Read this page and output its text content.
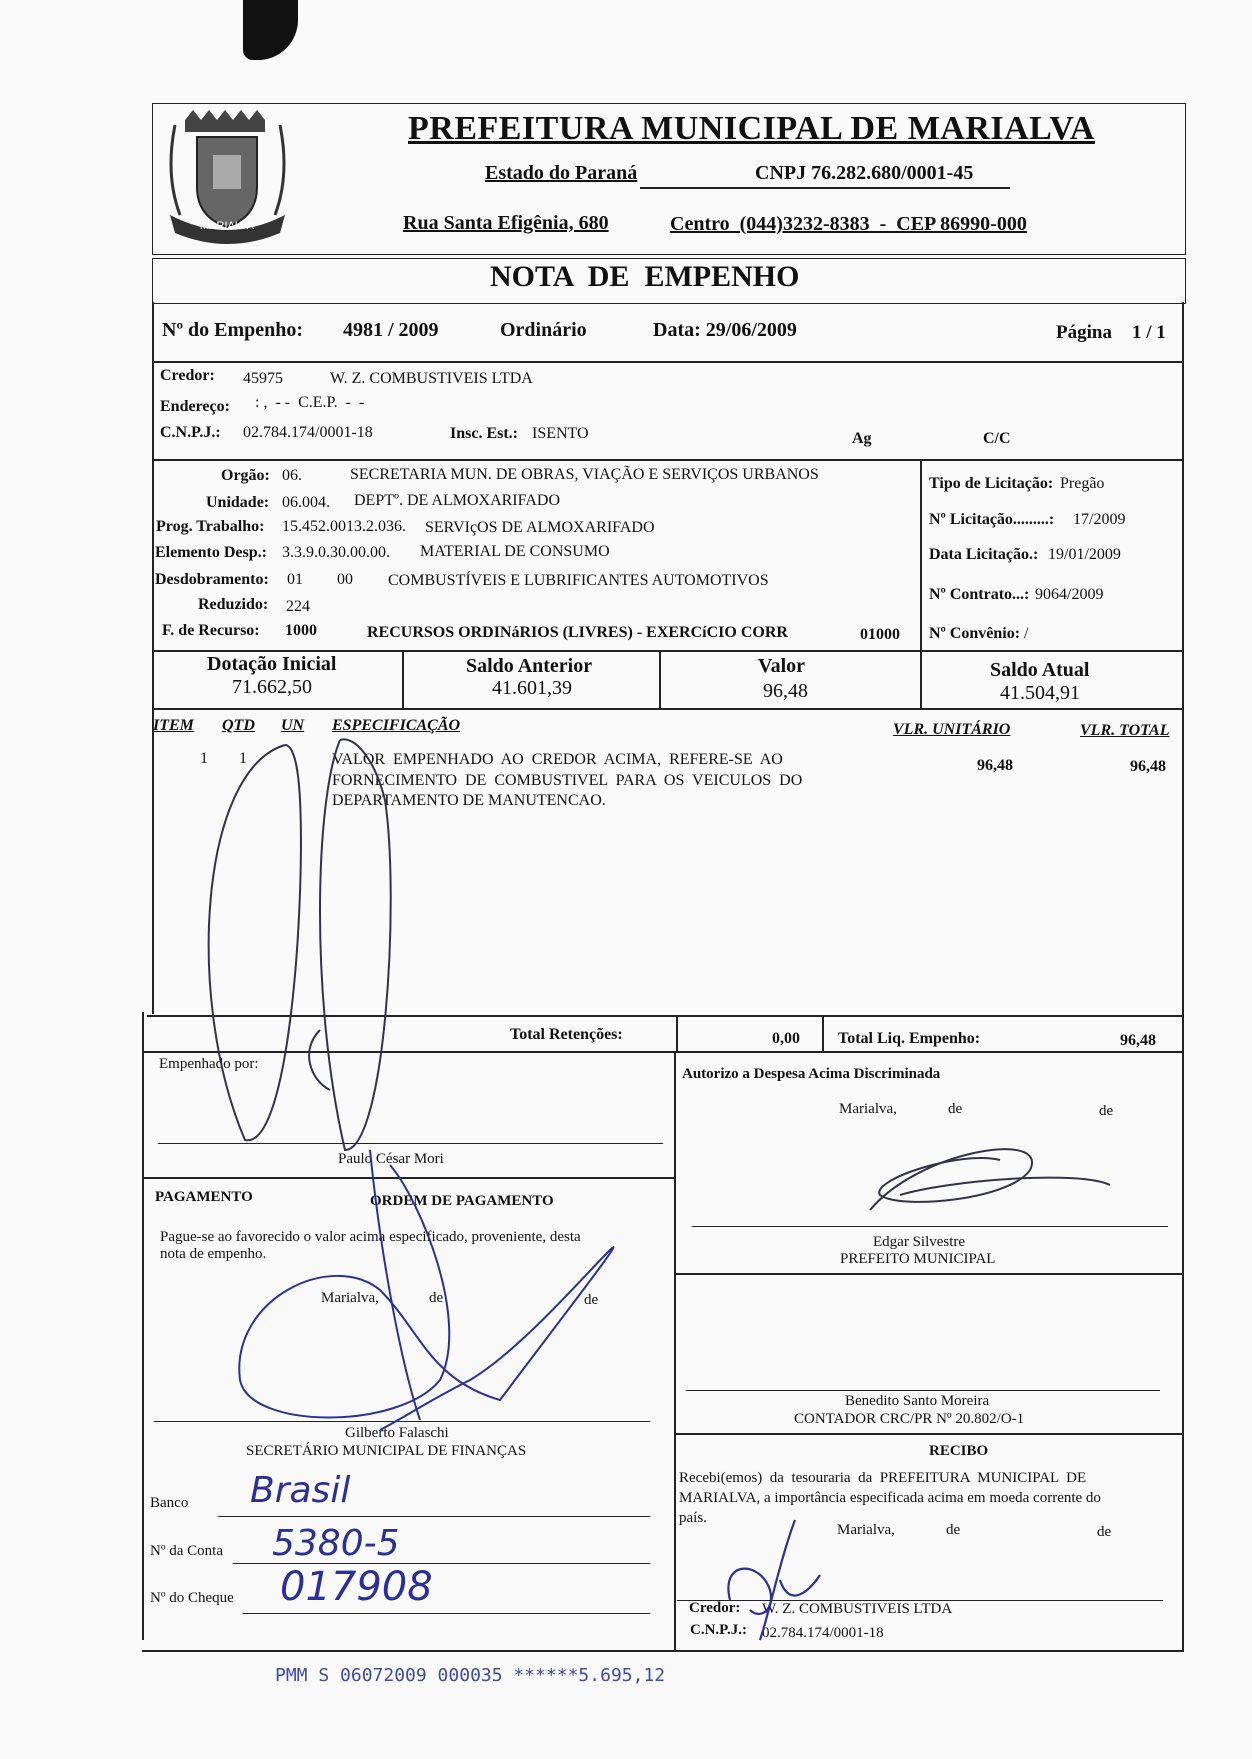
MARIALVA
PREFEITURA MUNICIPAL DE MARIALVA
Estado do Paraná	CNPJ 76.282.680/0001-45
Rua Santa Efigênia, 680	Centro  (044)3232-8383  -  CEP 86990-000
NOTA  DE  EMPENHO
Nº do Empenho: 4981 / 2009	Ordinário	Data: 29/06/2009	Página 1 / 1
Credor: 45975	W. Z. COMBUSTIVEIS LTDA
Endereço: : ,  - -  C.E.P.  -  -
C.N.P.J.: 02.784.174/0001-18	Insc. Est.: ISENTO	Ag	C/C
Orgão: 06.	SECRETARIA MUN. DE OBRAS, VIAÇÃO E SERVIÇOS URBANOS
Unidade: 06.004. DEPTº. DE ALMOXARIFADO
Prog. Trabalho: 15.452.0013.2.036. SERVIçOS DE ALMOXARIFADO
Elemento Desp.: 3.3.9.0.30.00.00. MATERIAL DE CONSUMO
Desdobramento: 01 00 COMBUSTÍVEIS E LUBRIFICANTES AUTOMOTIVOS
Reduzido: 224
F. de Recurso: 1000	RECURSOS ORDINáRIOS (LIVRES) - EXERCíCIO CORR	01000
Tipo de Licitação: Pregão
Nº Licitação.........: 17/2009
Data Licitação.: 19/01/2009
Nº Contrato...: 9064/2009
Nº Convênio: /
Dotação Inicial
71.662,50
Saldo Anterior
41.601,39
Valor
96,48
Saldo Atual
41.504,91
ITEM QTD UN ESPECIFICAÇÃO	VLR. UNITÁRIO	VLR. TOTAL
1 1	VALOR  EMPENHADO  AO  CREDOR  ACIMA,  REFERE-SE  AO
FORNECIMENTO  DE  COMBUSTIVEL  PARA  OS  VEICULOS  DO
DEPARTAMENTO DE MANUTENCAO.
96,48	96,48
Total Retenções:	0,00 Total Liq. Empenho:	96,48
Empenhado por:
Paulo César Mori
Autorizo a Despesa Acima Discriminada
Marialva,	de	de
Edgar Silvestre
PREFEITO MUNICIPAL
PAGAMENTO	ORDEM DE PAGAMENTO
Pague-se ao favorecido o valor acima especificado, proveniente, desta
nota de empenho.
Marialva,	de	de
Gilberto Falaschi
SECRETÁRIO MUNICIPAL DE FINANÇAS
Benedito Santo Moreira
CONTADOR CRC/PR Nº 20.802/O-1
Banco Brasil
Nº da Conta 5380-5
Nº do Cheque 017908
RECIBO
Recebi(emos)  da  tesouraria  da  PREFEITURA  MUNICIPAL  DE
MARIALVA, a importância especificada acima em moeda corrente do
país.
Marialva,	de	de
Credor: W. Z. COMBUSTIVEIS LTDA
C.N.P.J.: 02.784.174/0001-18
PMM S 06072009 000035 ******5.695,12
